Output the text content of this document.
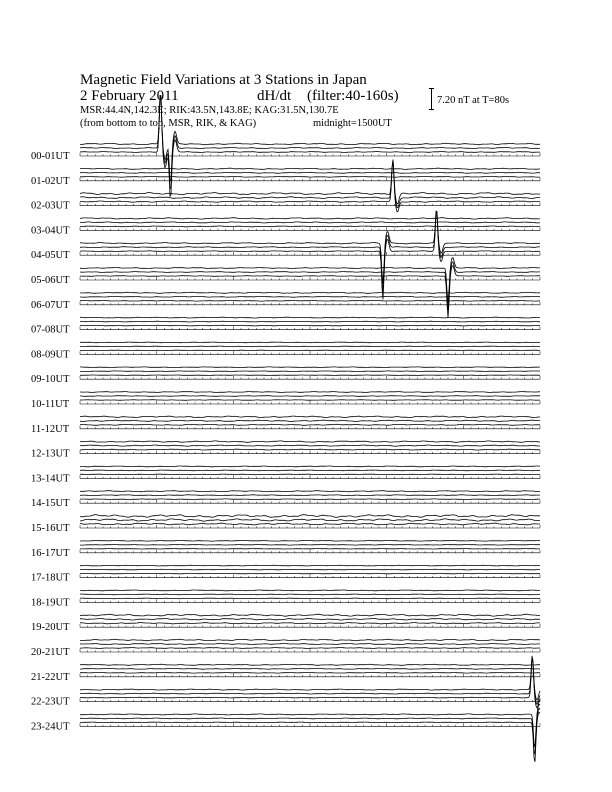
00-01UT
01-02UT
02-03UT
03-04UT
04-05UT
05-06UT
06-07UT
07-08UT
08-09UT
09-10UT
10-11UT
11-12UT
12-13UT
13-14UT
14-15UT
15-16UT
16-17UT
17-18UT
18-19UT
19-20UT
20-21UT
21-22UT
22-23UT
23-24UT
Magnetic Field Variations at 3 Stations in Japan
2 February 2011	dH/dt (filter:40-160s)
MSR:44.4N,142.3E; RIK:43.5N,143.8E; KAG:31.5N,130.7E
(from bottom to top, MSR, RIK, & KAG)	midnight=1500UT
7.20 nT at T=80s
